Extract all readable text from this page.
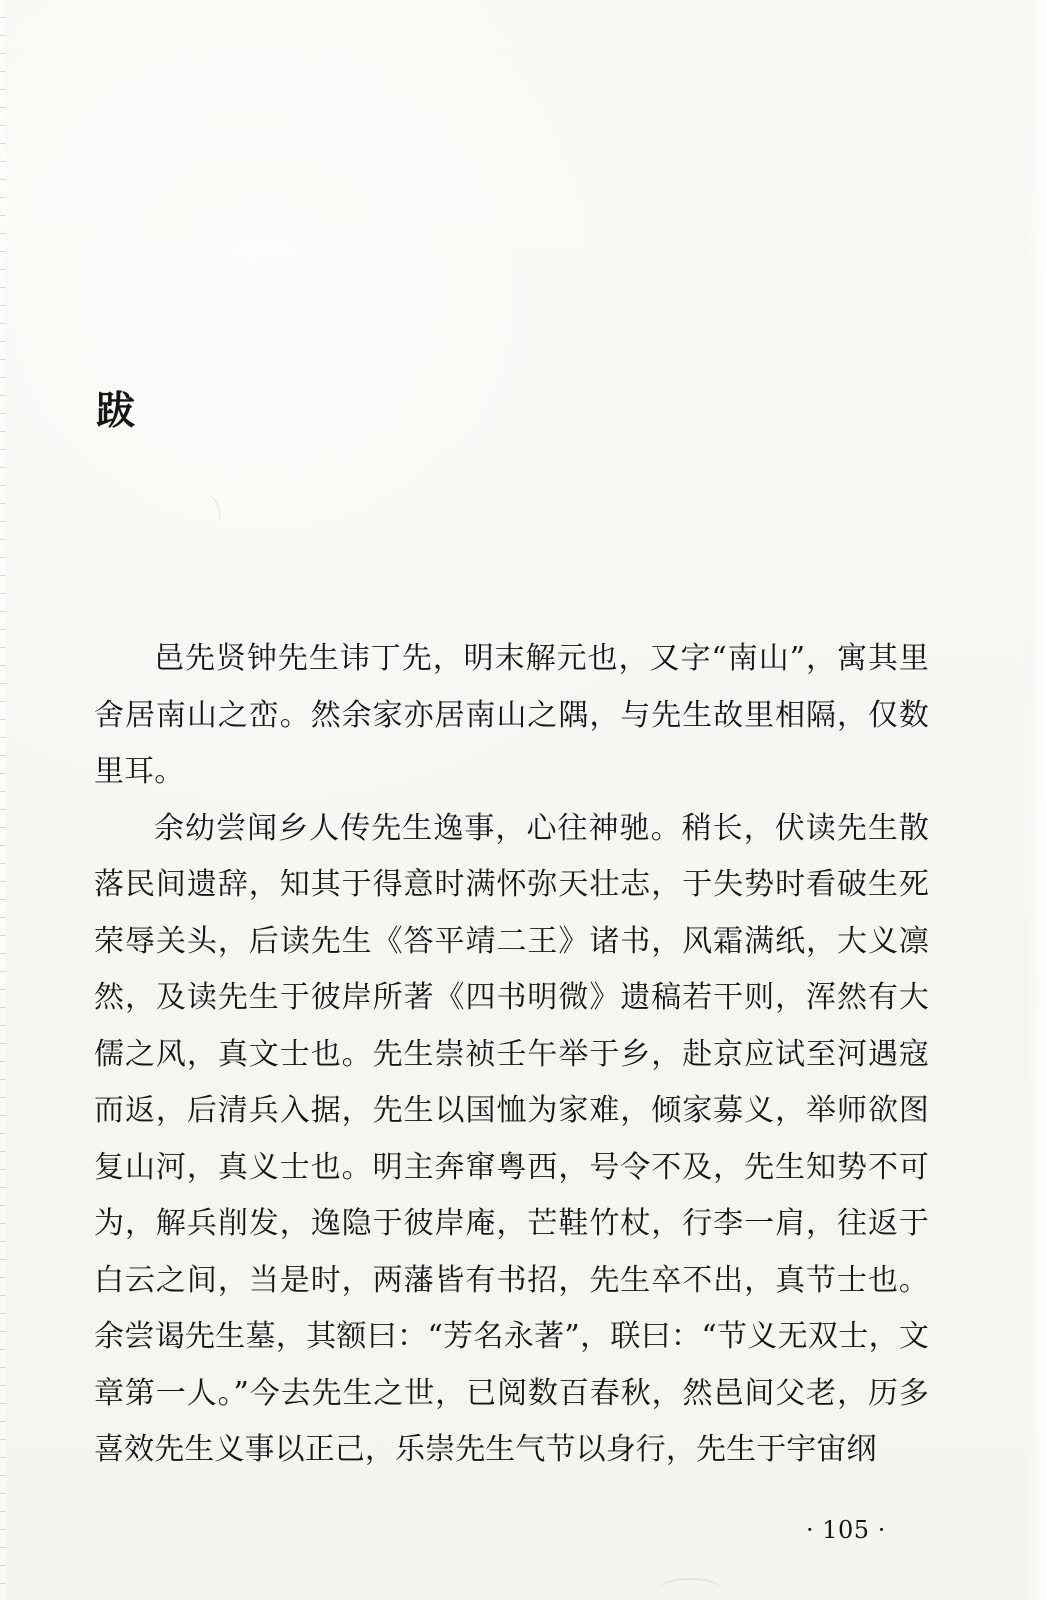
跋

邑先贤钟先生讳丁先，明末解元也，又字“南山”，寓其里舍居南山之峦。然余家亦居南山之隅，与先生故里相隔，仅数里耳。

余幼尝闻乡人传先生逸事，心往神驰。稍长，伏读先生散落民间遗辞，知其于得意时满怀弥天壮志，于失势时看破生死荣辱关头，后读先生《答平靖二王》诸书，风霜满纸，大义凛然，及读先生于彼岸所著《四书明微》遗稿若干则，浑然有大儒之风，真文士也。先生崇祯壬午举于乡，赴京应试至河遇寇而返，后清兵入据，先生以国恤为家难，倾家募义，举师欲图复山河，真义士也。明主奔窜粤西，号令不及，先生知势不可为，解兵削发，逸隐于彼岸庵，芒鞋竹杖，行李一肩，往返于白云之间，当是时，两藩皆有书招，先生卒不出，真节士也。余尝谒先生墓，其额曰：“芳名永著”，联曰：“节义无双士，文章第一人。”今去先生之世，已阅数百春秋，然邑间父老，历多喜效先生义事以正己，乐崇先生气节以身行，先生于宇宙纲

· 105 ·
